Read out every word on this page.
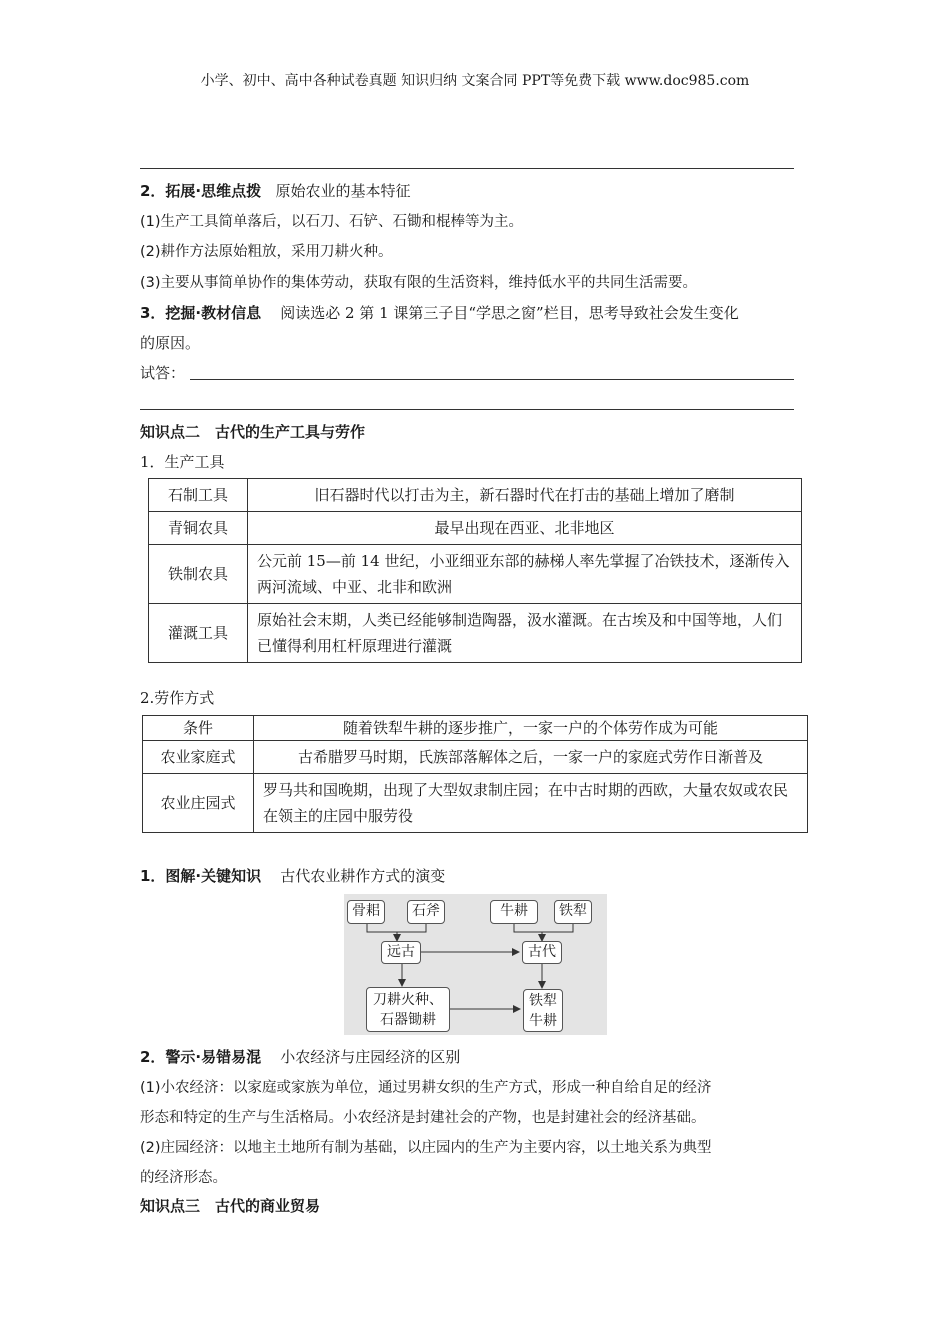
小学、初中、高中各种试卷真题 知识归纳 文案合同 PPT等免费下载 www.doc985.com
2．拓展·思维点拨 原始农业的基本特征
(1)生产工具简单落后，以石刀、石铲、石锄和棍棒等为主。
(2)耕作方法原始粗放，采用刀耕火种。
(3)主要从事简单协作的集体劳动，获取有限的生活资料，维持低水平的共同生活需要。
3．挖掘·教材信息 阅读选必 2 第 1 课第三子目“学思之窗”栏目，思考导致社会发生变化
的原因。
试答：
知识点二　古代的生产工具与劳作
1．生产工具
石制工具	旧石器时代以打击为主，新石器时代在打击的基础上增加了磨制
青铜农具	最早出现在西亚、北非地区
铁制农具	公元前 15—前 14 世纪，小亚细亚东部的赫梯人率先掌握了冶铁技术，逐渐传入两河流域、中亚、北非和欧洲
灌溉工具	原始社会末期，人类已经能够制造陶器，汲水灌溉。在古埃及和中国等地，人们已懂得利用杠杆原理进行灌溉
2.劳作方式
条件	随着铁犁牛耕的逐步推广，一家一户的个体劳作成为可能
农业家庭式	古希腊罗马时期，氏族部落解体之后，一家一户的家庭式劳作日渐普及
农业庄园式	罗马共和国晚期，出现了大型奴隶制庄园；在中古时期的西欧，大量农奴或农民在领主的庄园中服劳役
1．图解·关键知识 古代农业耕作方式的演变
骨耜	石斧	牛耕	铁犁
远古	古代
刀耕火种、
石器锄耕
铁犁
牛耕
2．警示·易错易混 小农经济与庄园经济的区别
(1)小农经济：以家庭或家族为单位，通过男耕女织的生产方式，形成一种自给自足的经济
形态和特定的生产与生活格局。小农经济是封建社会的产物，也是封建社会的经济基础。
(2)庄园经济：以地主土地所有制为基础，以庄园内的生产为主要内容，以土地关系为典型
的经济形态。
知识点三　古代的商业贸易
